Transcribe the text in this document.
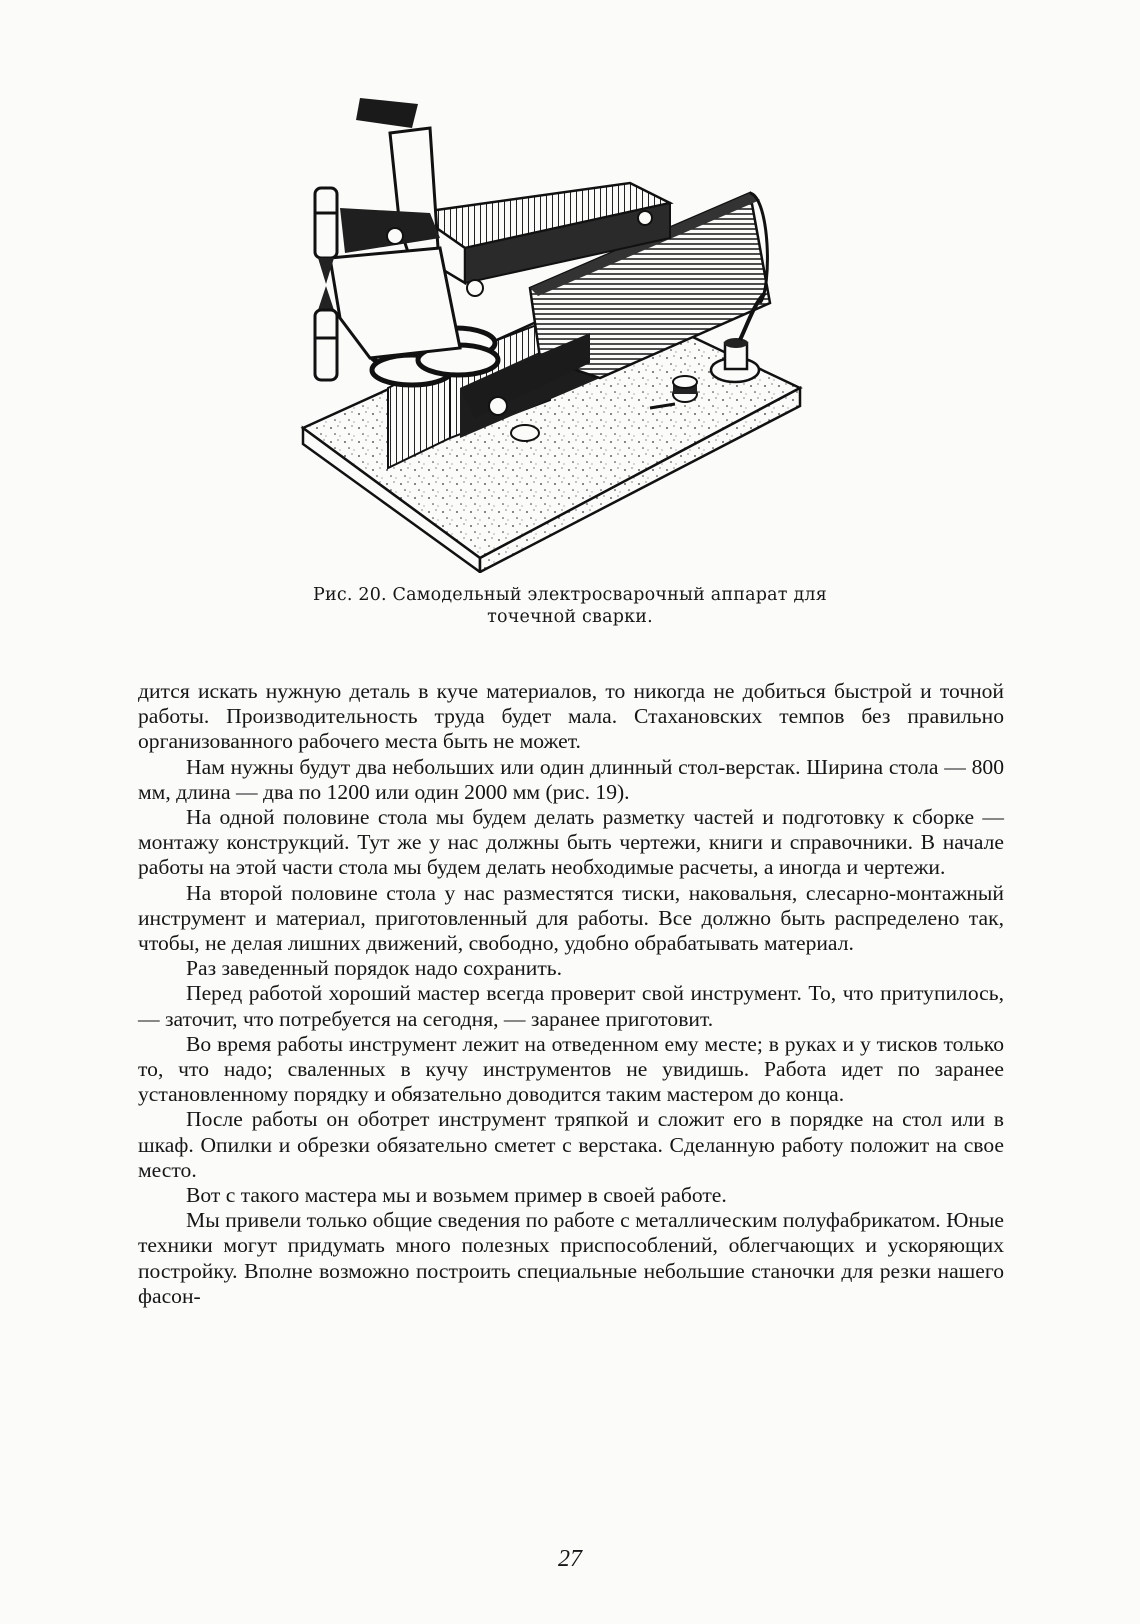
Рис. 20. Самодельный электросварочный аппарат для
точечной сварки.

дится искать нужную деталь в куче материалов, то никогда не добиться быстрой и точной работы. Производительность труда будет мала. Стахановских темпов без правильно организованного рабочего места быть не может.

Нам нужны будут два небольших или один длинный стол-верстак. Ширина стола — 800 мм, длина — два по 1200 или один 2000 мм (рис. 19).

На одной половине стола мы будем делать разметку частей и подготовку к сборке — монтажу конструкций. Тут же у нас должны быть чертежи, книги и справочники. В начале работы на этой части стола мы будем делать необходимые расчеты, а иногда и чертежи.

На второй половине стола у нас разместятся тиски, наковальня, слесарно-монтажный инструмент и материал, приготовленный для работы. Все должно быть распределено так, чтобы, не делая лишних движений, свободно, удобно обрабатывать материал.

Раз заведенный порядок надо сохранить.

Перед работой хороший мастер всегда проверит свой инструмент. То, что притупилось, — заточит, что потребуется на сегодня, — заранее приготовит.

Во время работы инструмент лежит на отведенном ему месте; в руках и у тисков только то, что надо; сваленных в кучу инструментов не увидишь. Работа идет по заранее установленному порядку и обязательно доводится таким мастером до конца.

После работы он оботрет инструмент тряпкой и сложит его в порядке на стол или в шкаф. Опилки и обрезки обязательно сметет с верстака. Сделанную работу положит на свое место.

Вот с такого мастера мы и возьмем пример в своей работе.

Мы привели только общие сведения по работе с металлическим полуфабрикатом. Юные техники могут придумать много полезных приспособлений, облегчающих и ускоряющих постройку. Вполне возможно построить специальные небольшие станочки для резки нашего фасон-

27
